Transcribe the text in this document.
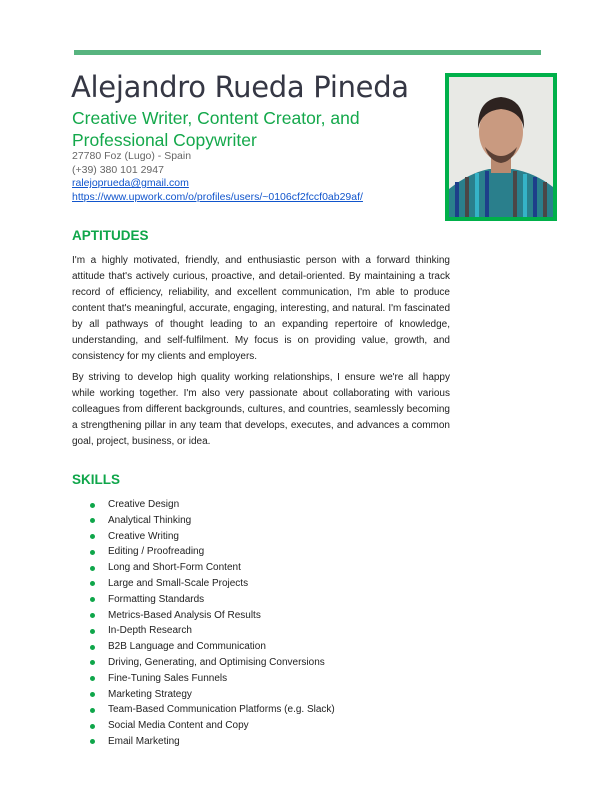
Alejandro Rueda Pineda
Creative Writer, Content Creator, and Professional Copywriter
27780 Foz (Lugo) - Spain
(+39) 380 101 2947
ralejoprueda@gmail.com
https://www.upwork.com/o/profiles/users/~0106cf2fccf0ab29af/
APTITUDES

I'm a highly motivated, friendly, and enthusiastic person with a forward thinking attitude that's actively curious, proactive, and detail-oriented. By maintaining a track record of efficiency, reliability, and excellent communication, I'm able to produce content that's meaningful, accurate, engaging, interesting, and natural. I'm fascinated by all pathways of thought leading to an expanding repertoire of knowledge, understanding, and self-fulfilment. My focus is on providing value, growth, and consistency for my clients and employers.

By striving to develop high quality working relationships, I ensure we're all happy while working together. I'm also very passionate about collaborating with various colleagues from different backgrounds, cultures, and countries, seamlessly becoming a strengthening pillar in any team that develops, executes, and advances a common goal, project, business, or idea.

SKILLS
Creative Design
Analytical Thinking
Creative Writing
Editing / Proofreading
Long and Short-Form Content
Large and Small-Scale Projects
Formatting Standards
Metrics-Based Analysis Of Results
In-Depth Research
B2B Language and Communication
Driving, Generating, and Optimising Conversions
Fine-Tuning Sales Funnels
Marketing Strategy
Team-Based Communication Platforms (e.g. Slack)
Social Media Content and Copy
Email Marketing
